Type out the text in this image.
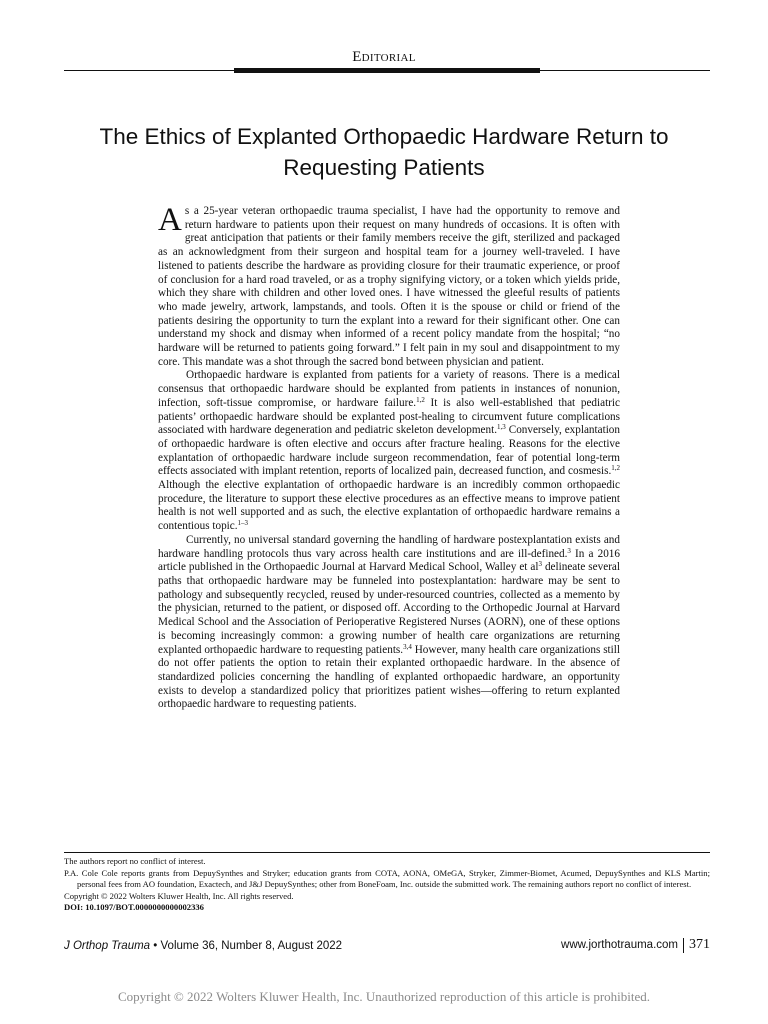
Editorial
The Ethics of Explanted Orthopaedic Hardware Return to Requesting Patients

As a 25-year veteran orthopaedic trauma specialist, I have had the opportunity to remove and return hardware to patients upon their request on many hundreds of occasions. It is often with great anticipation that patients or their family members receive the gift, sterilized and packaged as an acknowledgment from their surgeon and hospital team for a journey well-traveled. I have listened to patients describe the hardware as providing closure for their traumatic experience, or proof of conclusion for a hard road traveled, or as a trophy signifying victory, or a token which yields pride, which they share with children and other loved ones. I have witnessed the gleeful results of patients who made jewelry, artwork, lampstands, and tools. Often it is the spouse or child or friend of the patients desiring the opportunity to turn the explant into a reward for their significant other. One can understand my shock and dismay when informed of a recent policy mandate from the hospital; “no hardware will be returned to patients going forward.” I felt pain in my soul and disappointment to my core. This mandate was a shot through the sacred bond between physician and patient.

Orthopaedic hardware is explanted from patients for a variety of reasons. There is a medical consensus that orthopaedic hardware should be explanted from patients in instances of nonunion, infection, soft-tissue compromise, or hardware failure.$^{1,2}$ It is also well-established that pediatric patients’ orthopaedic hardware should be explanted post-healing to circumvent future complications associated with hardware degeneration and pediatric skeleton development.$^{1,3}$ Conversely, explantation of orthopaedic hardware is often elective and occurs after fracture healing. Reasons for the elective explantation of orthopaedic hardware include surgeon recommendation, fear of potential long-term effects associated with implant retention, reports of localized pain, decreased function, and cosmesis.$^{1,2}$ Although the elective explantation of orthopaedic hardware is an incredibly common orthopaedic procedure, the literature to support these elective procedures as an effective means to improve patient health is not well supported and as such, the elective explantation of orthopaedic hardware remains a contentious topic.$^{1-3}$

Currently, no universal standard governing the handling of hardware postexplantation exists and hardware handling protocols thus vary across health care institutions and are ill-defined.$^3$ In a 2016 article published in the Orthopaedic Journal at Harvard Medical School, Walley et $al^3$ delineate several paths that orthopaedic hardware may be funneled into postexplantation: hardware may be sent to pathology and subsequently recycled, reused by under-resourced countries, collected as a memento by the physician, returned to the patient, or disposed off. According to the Orthopedic Journal at Harvard Medical School and the Association of Perioperative Registered Nurses (AORN), one of these options is becoming increasingly common: a growing number of health care organizations are returning explanted orthopaedic hardware to requesting patients.$^{3,4}$ However, many health care organizations still do not offer patients the option to retain their explanted orthopaedic hardware. In the absence of standardized policies concerning the handling of explanted orthopaedic hardware, an opportunity exists to develop a standardized policy that prioritizes patient wishes—offering to return explanted orthopaedic hardware to requesting patients.

The authors report no conflict of interest.

P.A. Cole Cole reports grants from DepuySynthes and Stryker; education grants from COTA, AONA, OMeGA, Stryker, Zimmer-Biomet, Acumed, DepuySynthes and KLS Martin; personal fees from AO foundation, Exactech, and J&J DepuySynthes; other from BoneFoam, Inc. outside the submitted work. The remaining authors report no conflict of interest.

Copyright © 2022 Wolters Kluwer Health, Inc. All rights reserved.

DOI: 10.1097/BOT.0000000000002336

J Orthop Trauma • Volume 36, Number 8, August 2022	www.jorthotrauma.com 371
Copyright © 2022 Wolters Kluwer Health, Inc. Unauthorized reproduction of this article is prohibited.
